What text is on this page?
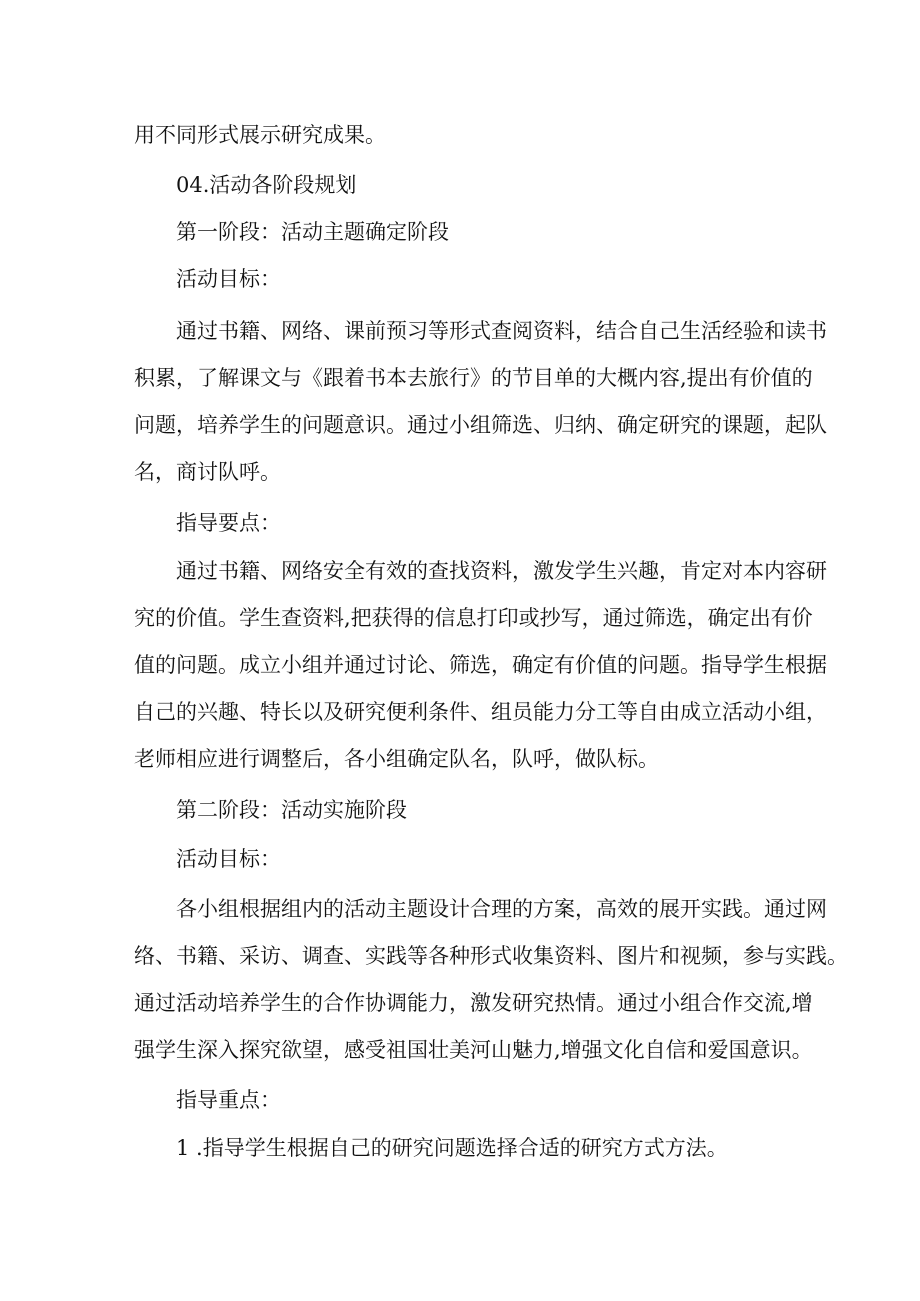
用不同形式展示研究成果。
04.活动各阶段规划
第一阶段：活动主题确定阶段
活动目标：
通过书籍、网络、课前预习等形式查阅资料，结合自己生活经验和读书
积累，了解课文与《跟着书本去旅行》的节目单的大概内容,提出有价值的
问题，培养学生的问题意识。通过小组筛选、归纳、确定研究的课题，起队
名，商讨队呼。
指导要点：
通过书籍、网络安全有效的查找资料，激发学生兴趣，肯定对本内容研
究的价值。学生查资料,把获得的信息打印或抄写，通过筛选，确定出有价
值的问题。成立小组并通过讨论、筛选，确定有价值的问题。指导学生根据
自己的兴趣、特长以及研究便利条件、组员能力分工等自由成立活动小组，
老师相应进行调整后，各小组确定队名，队呼，做队标。
第二阶段：活动实施阶段
活动目标：
各小组根据组内的活动主题设计合理的方案，高效的展开实践。通过网
络、书籍、采访、调查、实践等各种形式收集资料、图片和视频，参与实践。
通过活动培养学生的合作协调能力，激发研究热情。通过小组合作交流,增
强学生深入探究欲望，感受祖国壮美河山魅力,增强文化自信和爱国意识。
指导重点：
1 .指导学生根据自己的研究问题选择合适的研究方式方法。
